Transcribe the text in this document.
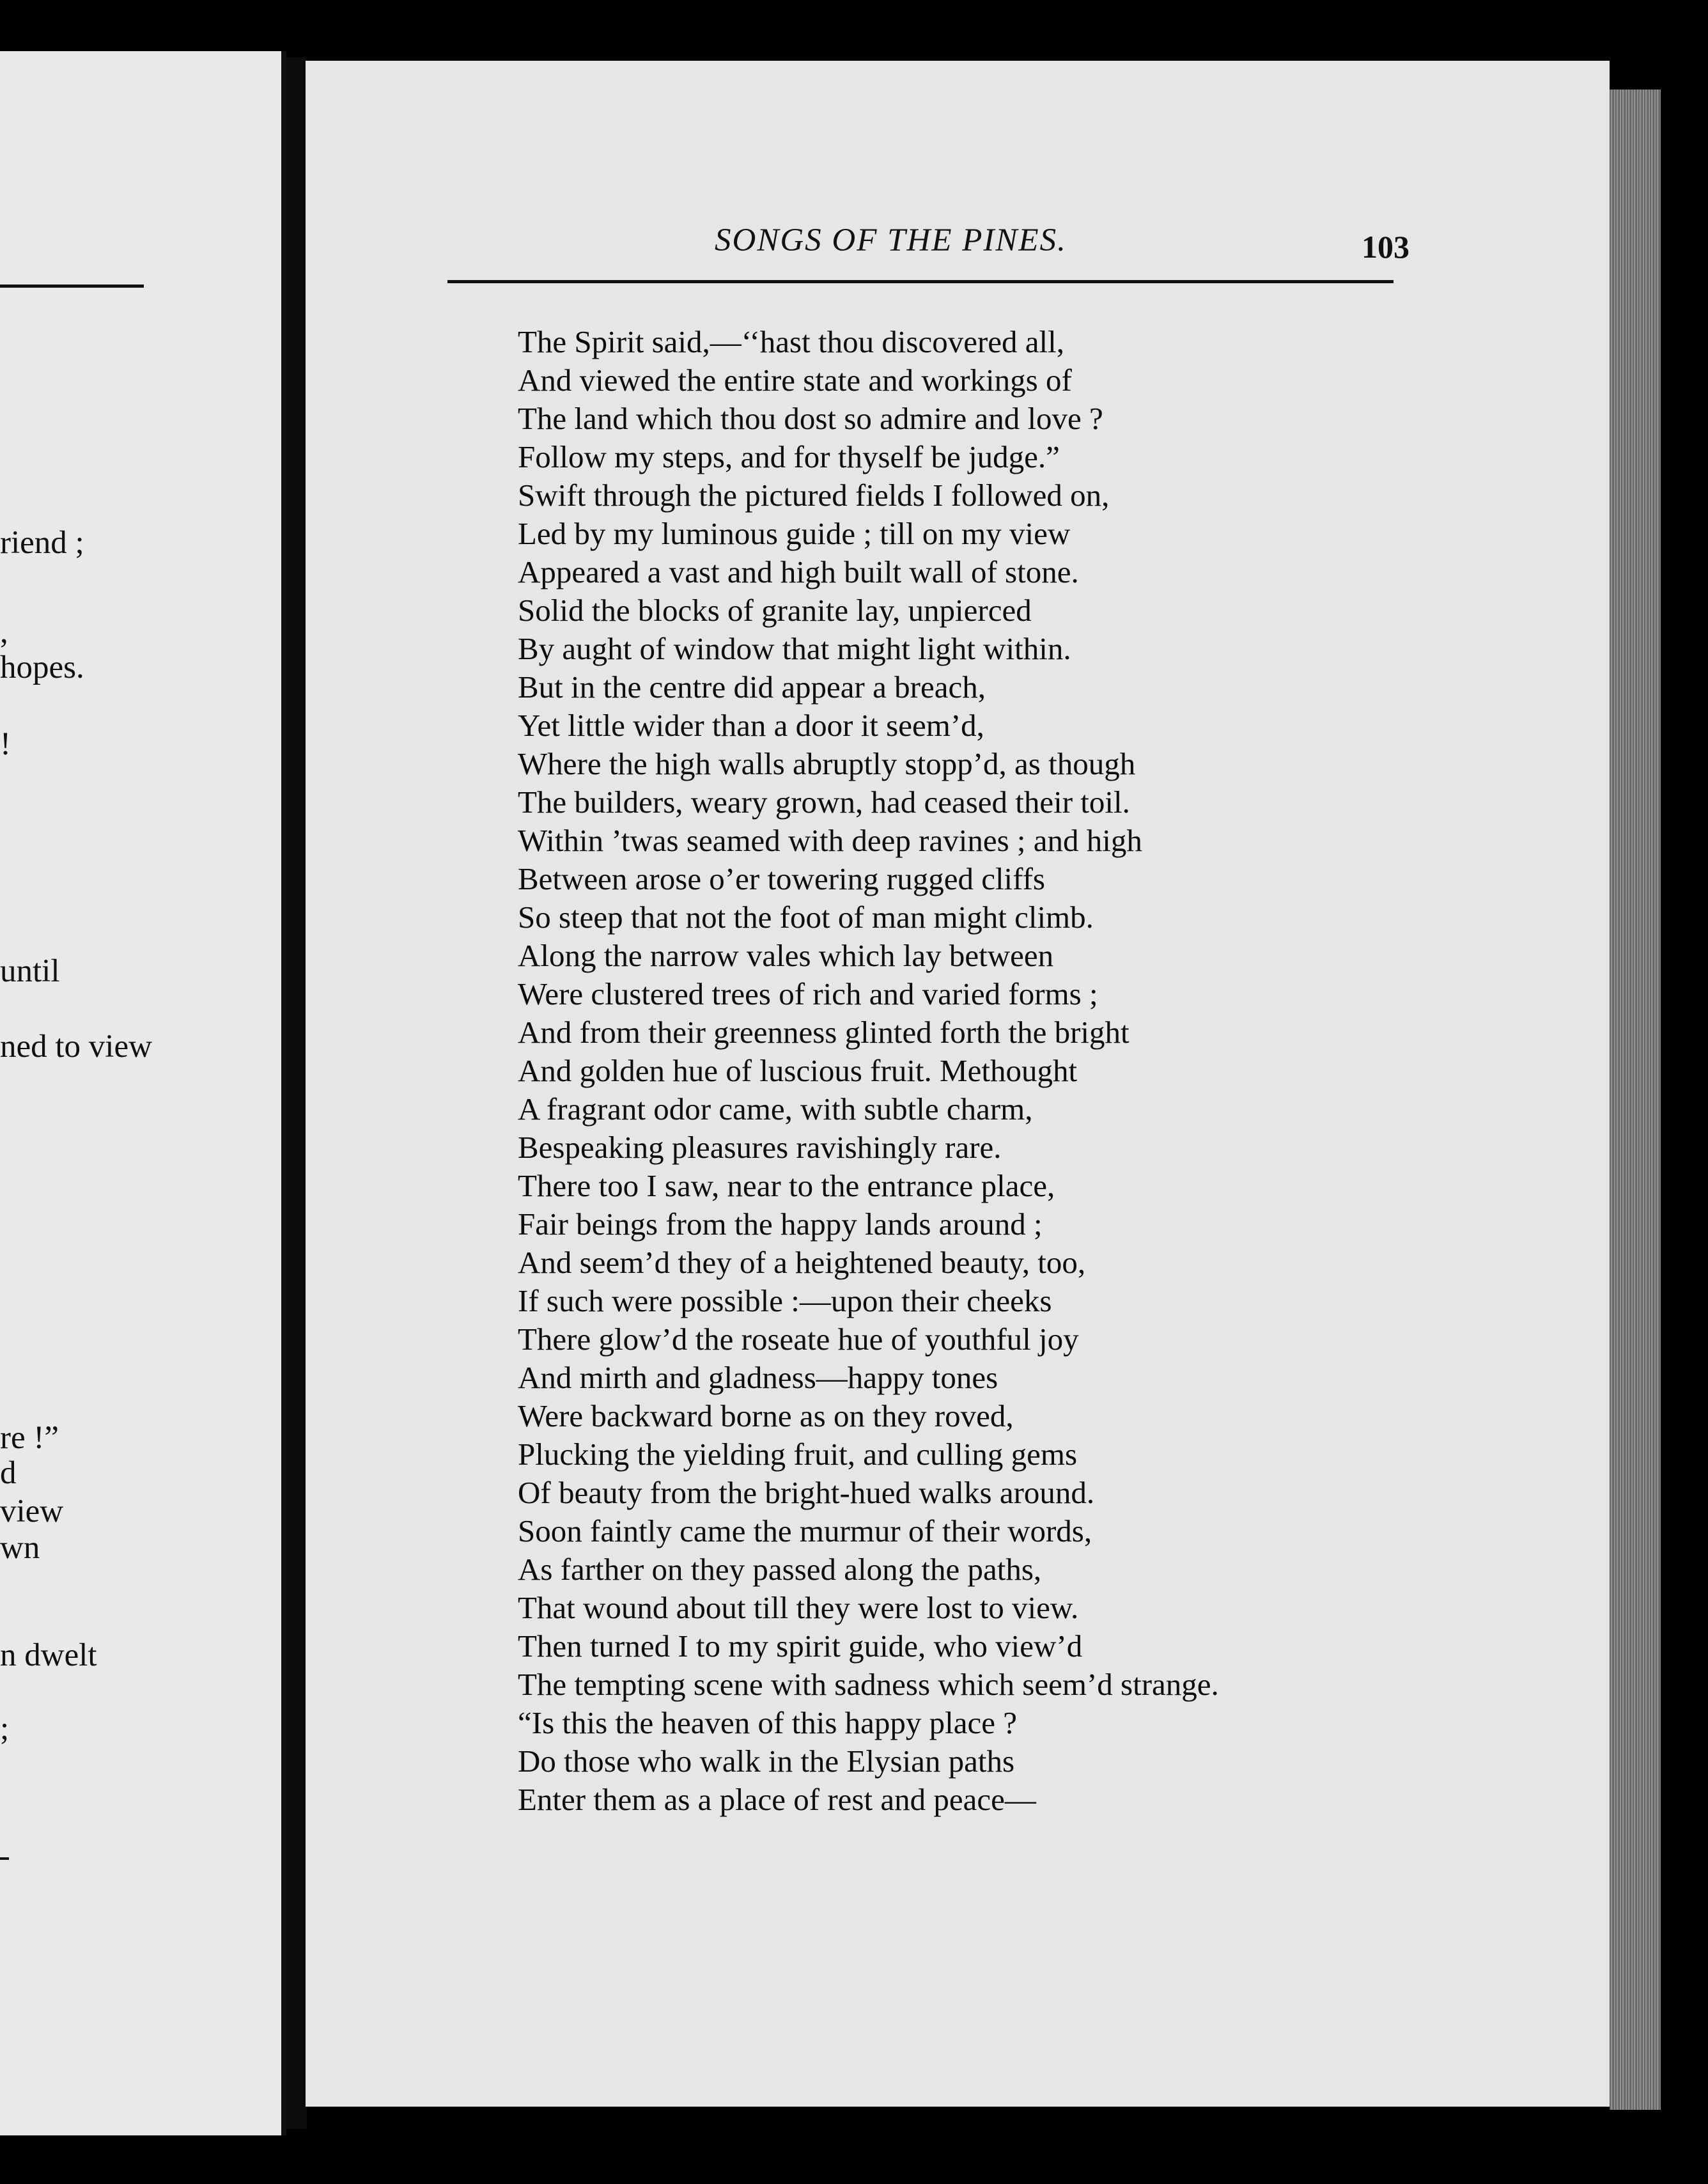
riend ;
,
hopes.
!
until
ned to view
re !”
d
view
wn
n dwelt
;
SONGS OF THE PINES.	103
The Spirit said,—‘‘hast thou discovered all,
And viewed the entire state and workings of
The land which thou dost so admire and love ?
Follow my steps, and for thyself be judge.”
Swift through the pictured fields I followed on,
Led by my luminous guide ; till on my view
Appeared a vast and high built wall of stone.
Solid the blocks of granite lay, unpierced
By aught of window that might light within.
But in the centre did appear a breach,
Yet little wider than a door it seem’d,
Where the high walls abruptly stopp’d, as though
The builders, weary grown, had ceased their toil.
Within ’twas seamed with deep ravines ; and high
Between arose o’er towering rugged cliffs
So steep that not the foot of man might climb.
Along the narrow vales which lay between
Were clustered trees of rich and varied forms ;
And from their greenness glinted forth the bright
And golden hue of luscious fruit. Methought
A fragrant odor came, with subtle charm,
Bespeaking pleasures ravishingly rare.
There too I saw, near to the entrance place,
Fair beings from the happy lands around ;
And seem’d they of a heightened beauty, too,
If such were possible :—upon their cheeks
There glow’d the roseate hue of youthful joy
And mirth and gladness—happy tones
Were backward borne as on they roved,
Plucking the yielding fruit, and culling gems
Of beauty from the bright-hued walks around.
Soon faintly came the murmur of their words,
As farther on they passed along the paths,
That wound about till they were lost to view.
Then turned I to my spirit guide, who view’d
The tempting scene with sadness which seem’d strange.
“Is this the heaven of this happy place ?
Do those who walk in the Elysian paths
Enter them as a place of rest and peace—
